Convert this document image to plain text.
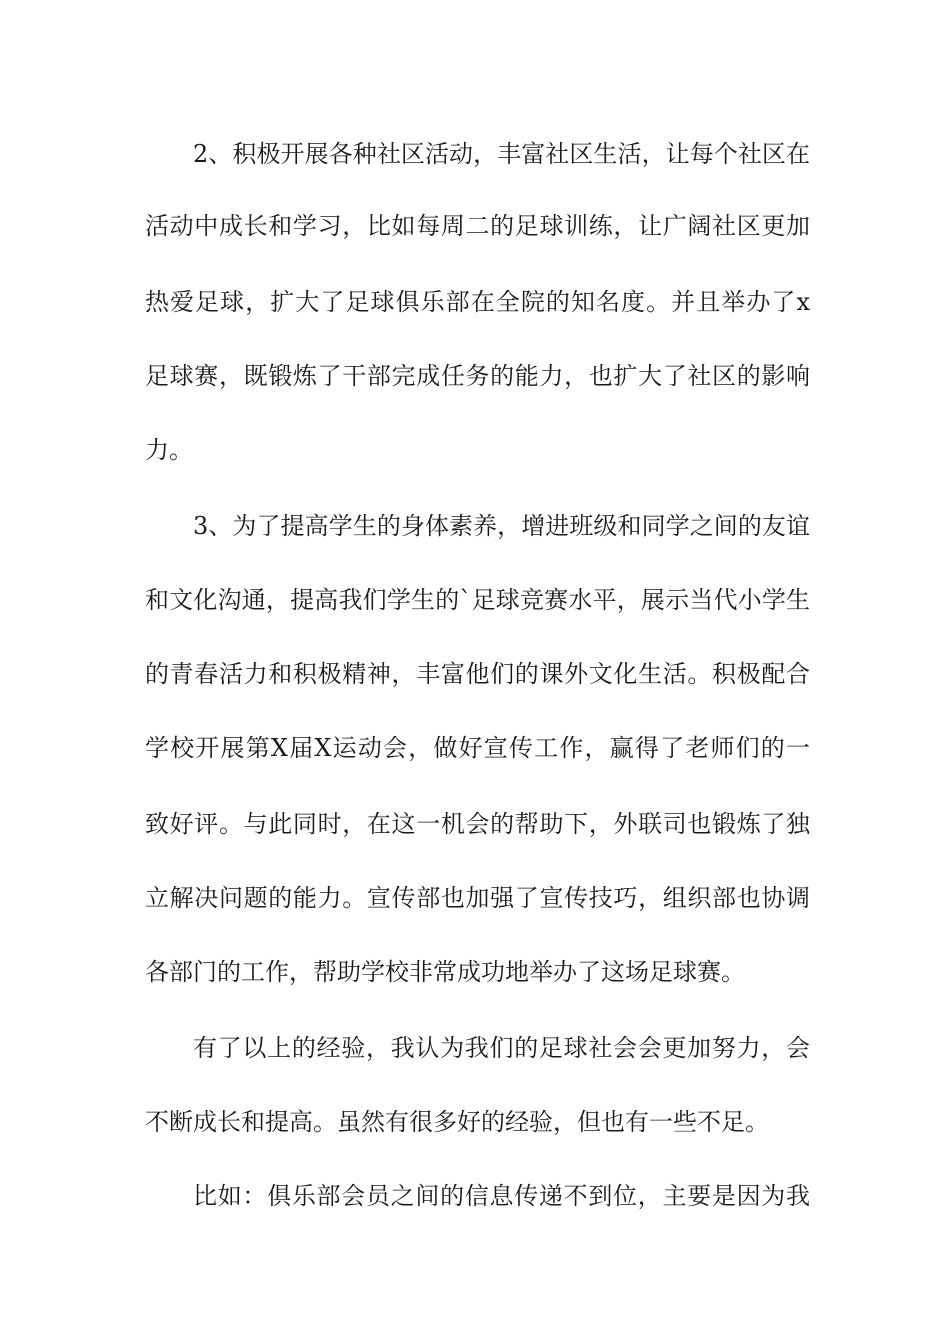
2、积极开展各种社区活动，丰富社区生活，让每个社区在
活动中成长和学习，比如每周二的足球训练，让广阔社区更加
热爱足球，扩大了足球俱乐部在全院的知名度。并且举办了x
足球赛，既锻炼了干部完成任务的能力，也扩大了社区的影响
力。
3、为了提高学生的身体素养，增进班级和同学之间的友谊
和文化沟通，提高我们学生的`足球竞赛水平，展示当代小学生
的青春活力和积极精神，丰富他们的课外文化生活。积极配合
学校开展第X届X运动会，做好宣传工作，赢得了老师们的一
致好评。与此同时，在这一机会的帮助下，外联司也锻炼了独
立解决问题的能力。宣传部也加强了宣传技巧，组织部也协调
各部门的工作，帮助学校非常成功地举办了这场足球赛。
有了以上的经验，我认为我们的足球社会会更加努力，会
不断成长和提高。虽然有很多好的经验，但也有一些不足。
比如：俱乐部会员之间的信息传递不到位，主要是因为我
